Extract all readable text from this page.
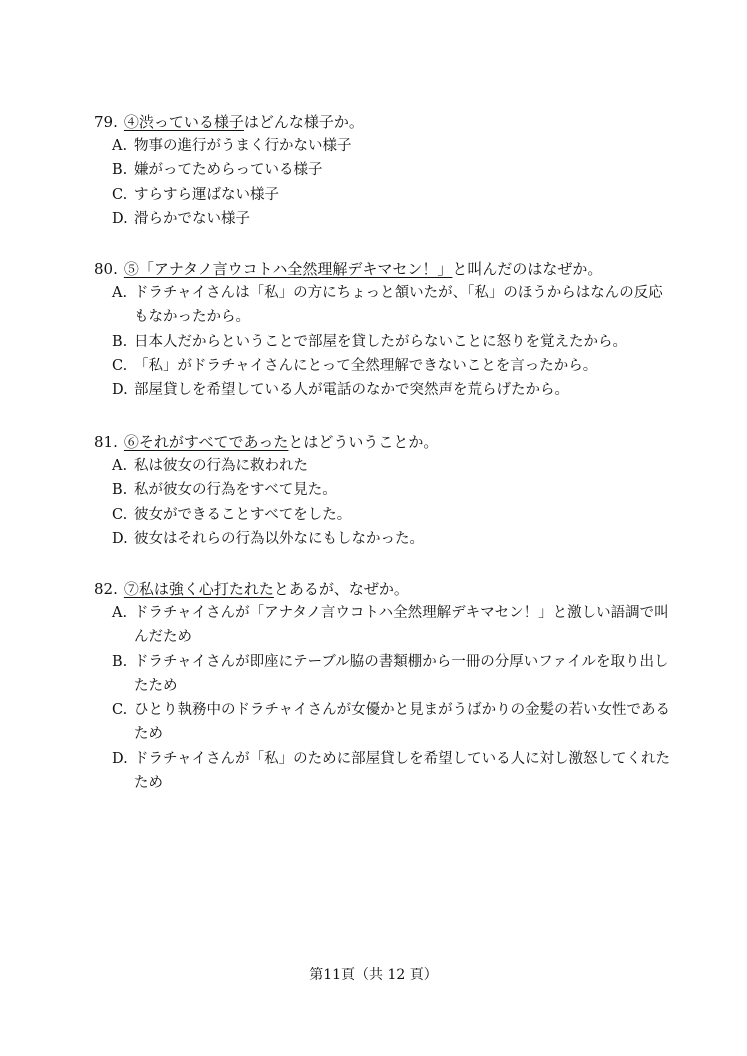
79. ④渋っている様子はどんな様子か。
A. 物事の進行がうまく行かない様子
B. 嫌がってためらっている様子
C. すらすら運ばない様子
D. 滑らかでない様子
80. ⑤「アナタノ言ウコトハ全然理解デキマセン！」と叫んだのはなぜか。
A. ドラチャイさんは「私」の方にちょっと頷いたが、「私」のほうからはなんの反応もなかったから。
B. 日本人だからということで部屋を貸したがらないことに怒りを覚えたから。
C. 「私」がドラチャイさんにとって全然理解できないことを言ったから。
D. 部屋貸しを希望している人が電話のなかで突然声を荒らげたから。
81. ⑥それがすべてであったとはどういうことか。
A. 私は彼女の行為に救われた
B. 私が彼女の行為をすべて見た。
C. 彼女ができることすべてをした。
D. 彼女はそれらの行為以外なにもしなかった。
82. ⑦私は強く心打たれたとあるが、なぜか。
A. ドラチャイさんが「アナタノ言ウコトハ全然理解デキマセン！」と激しい語調で叫んだため
B. ドラチャイさんが即座にテーブル脇の書類棚から一冊の分厚いファイルを取り出したため
C. ひとり執務中のドラチャイさんが女優かと見まがうばかりの金髪の若い女性であるため
D. ドラチャイさんが「私」のために部屋貸しを希望している人に対し激怒してくれたため
第11頁（共 12 頁）
